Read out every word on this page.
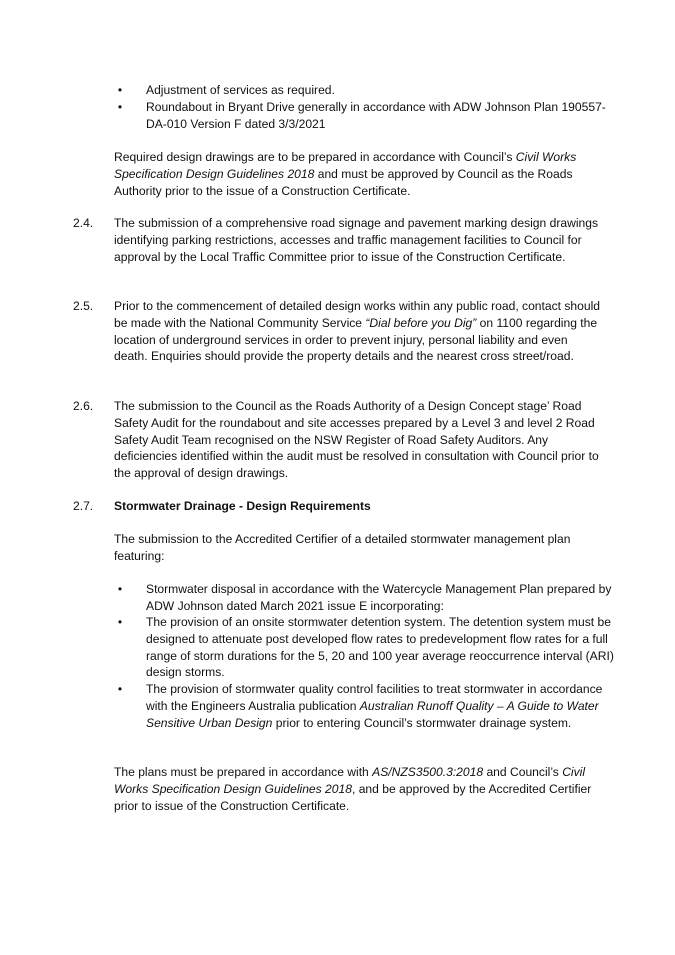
• Adjustment of services as required.

• Roundabout in Bryant Drive generally in accordance with ADW Johnson Plan 190557-DA-010 Version F dated 3/3/2021

Required design drawings are to be prepared in accordance with Council’s Civil Works Specification Design Guidelines 2018 and must be approved by Council as the Roads Authority prior to the issue of a Construction Certificate.

2.4. The submission of a comprehensive road signage and pavement marking design drawings identifying parking restrictions, accesses and traffic management facilities to Council for approval by the Local Traffic Committee prior to issue of the Construction Certificate.

2.5. Prior to the commencement of detailed design works within any public road, contact should be made with the National Community Service “Dial before you Dig” on 1100 regarding the location of underground services in order to prevent injury, personal liability and even death. Enquiries should provide the property details and the nearest cross street/road.

2.6. The submission to the Council as the Roads Authority of a Design Concept stage’ Road Safety Audit for the roundabout and site accesses prepared by a Level 3 and level 2 Road Safety Audit Team recognised on the NSW Register of Road Safety Auditors. Any deficiencies identified within the audit must be resolved in consultation with Council prior to the approval of design drawings.

2.7. Stormwater Drainage - Design Requirements

The submission to the Accredited Certifier of a detailed stormwater management plan featuring:

• Stormwater disposal in accordance with the Watercycle Management Plan prepared by ADW Johnson dated March 2021 issue E incorporating:

• The provision of an onsite stormwater detention system. The detention system must be designed to attenuate post developed flow rates to predevelopment flow rates for a full range of storm durations for the 5, 20 and 100 year average reoccurrence interval (ARI) design storms.

• The provision of stormwater quality control facilities to treat stormwater in accordance with the Engineers Australia publication Australian Runoff Quality – A Guide to Water Sensitive Urban Design prior to entering Council’s stormwater drainage system.

The plans must be prepared in accordance with AS/NZS3500.3:2018 and Council’s Civil Works Specification Design Guidelines 2018, and be approved by the Accredited Certifier prior to issue of the Construction Certificate.
